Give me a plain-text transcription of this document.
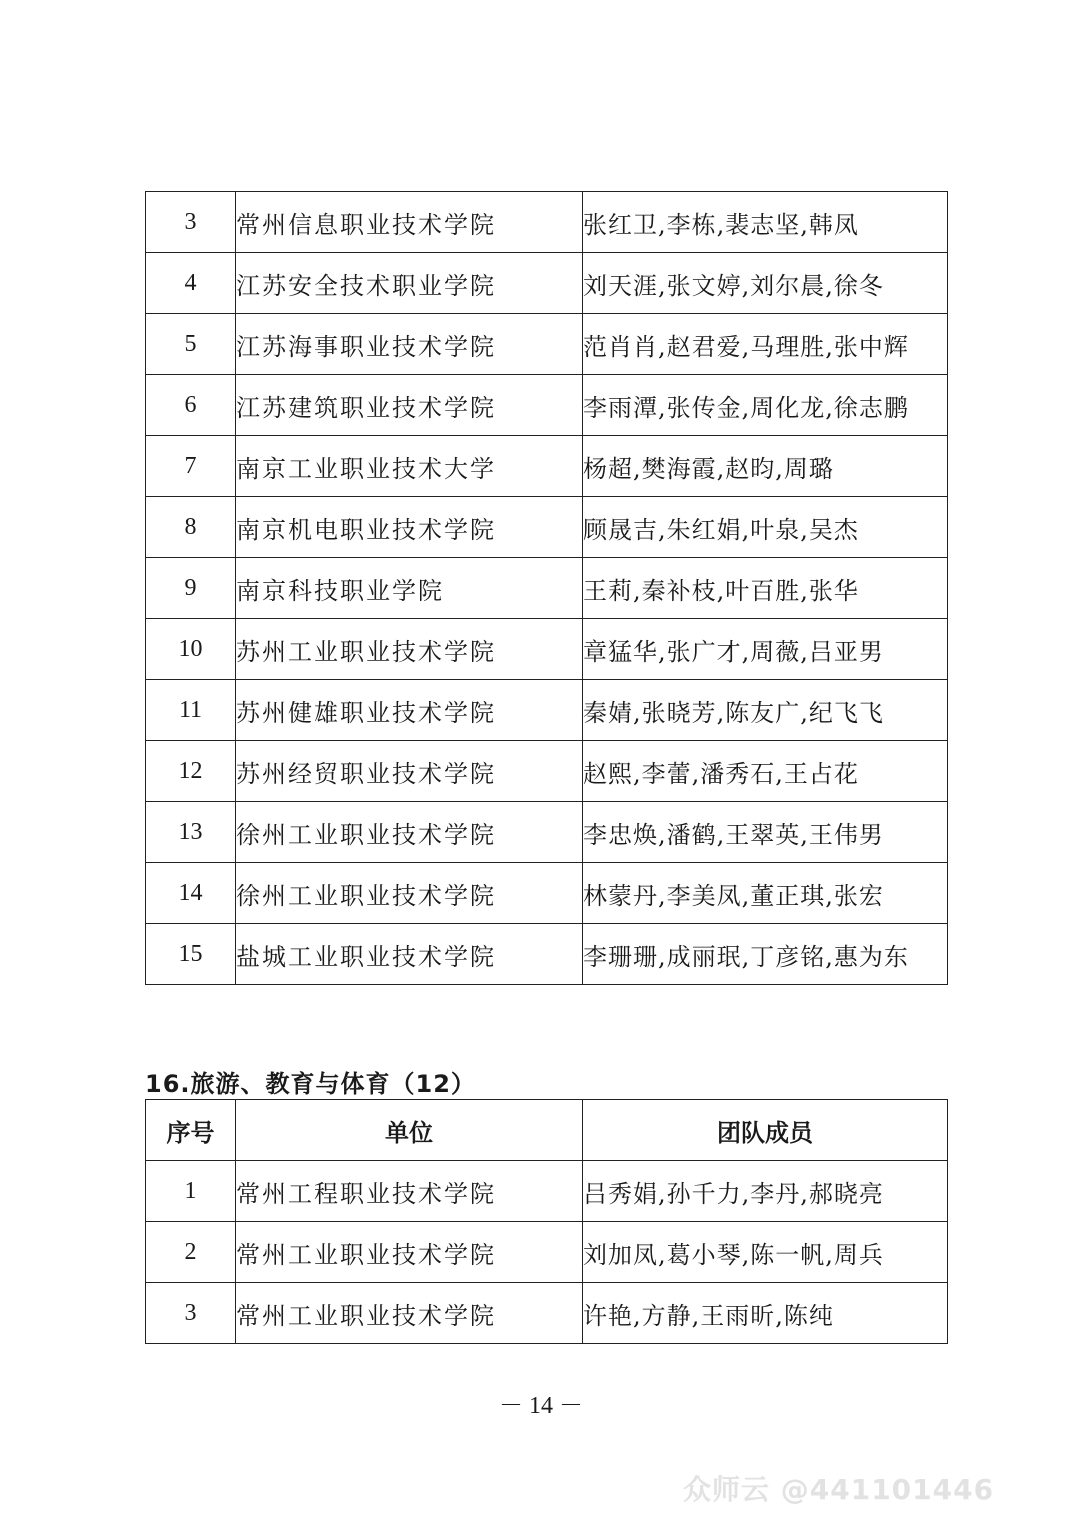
3	常州信息职业技术学院	张红卫,李栋,裴志坚,韩凤
4	江苏安全技术职业学院	刘天涯,张文婷,刘尔晨,徐冬
5	江苏海事职业技术学院	范肖肖,赵君爱,马理胜,张中辉
6	江苏建筑职业技术学院	李雨潭,张传金,周化龙,徐志鹏
7	南京工业职业技术大学	杨超,樊海霞,赵昀,周璐
8	南京机电职业技术学院	顾晟吉,朱红娟,叶泉,吴杰
9	南京科技职业学院	王莉,秦补枝,叶百胜,张华
10	苏州工业职业技术学院	章猛华,张广才,周薇,吕亚男
11	苏州健雄职业技术学院	秦婧,张晓芳,陈友广,纪飞飞
12	苏州经贸职业技术学院	赵熙,李蕾,潘秀石,王占花
13	徐州工业职业技术学院	李忠焕,潘鹤,王翠英,王伟男
14	徐州工业职业技术学院	林蒙丹,李美凤,董正琪,张宏
15	盐城工业职业技术学院	李珊珊,成丽珉,丁彦铭,惠为东
16.旅游、教育与体育（12）
序号	单位	团队成员
1	常州工程职业技术学院	吕秀娟,孙千力,李丹,郝晓亮
2	常州工业职业技术学院	刘加凤,葛小琴,陈一帆,周兵
3	常州工业职业技术学院	许艳,方静,王雨昕,陈纯
－ 14 －
众师云 @441101446
